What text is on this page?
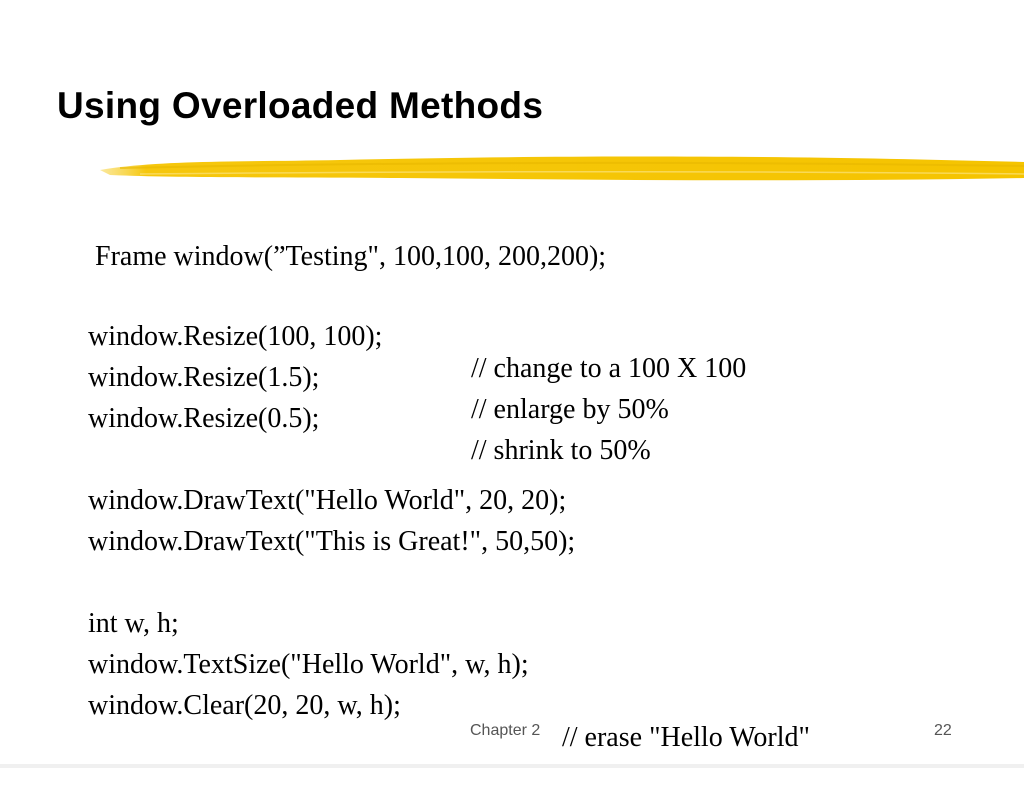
Using Overloaded Methods

Frame window(”Testing", 100,100, 200,200);

window.Resize(100, 100);

// change to a 100 X 100

window.Resize(1.5);

// enlarge by 50%

window.Resize(0.5);

// shrink to 50%

window.DrawText("Hello World", 20, 20);

window.DrawText("This is Great!", 50,50);

int w, h;

window.TextSize("Hello World", w, h);

window.Clear(20, 20, w, h);

// erase "Hello World"

Chapter 2	22
